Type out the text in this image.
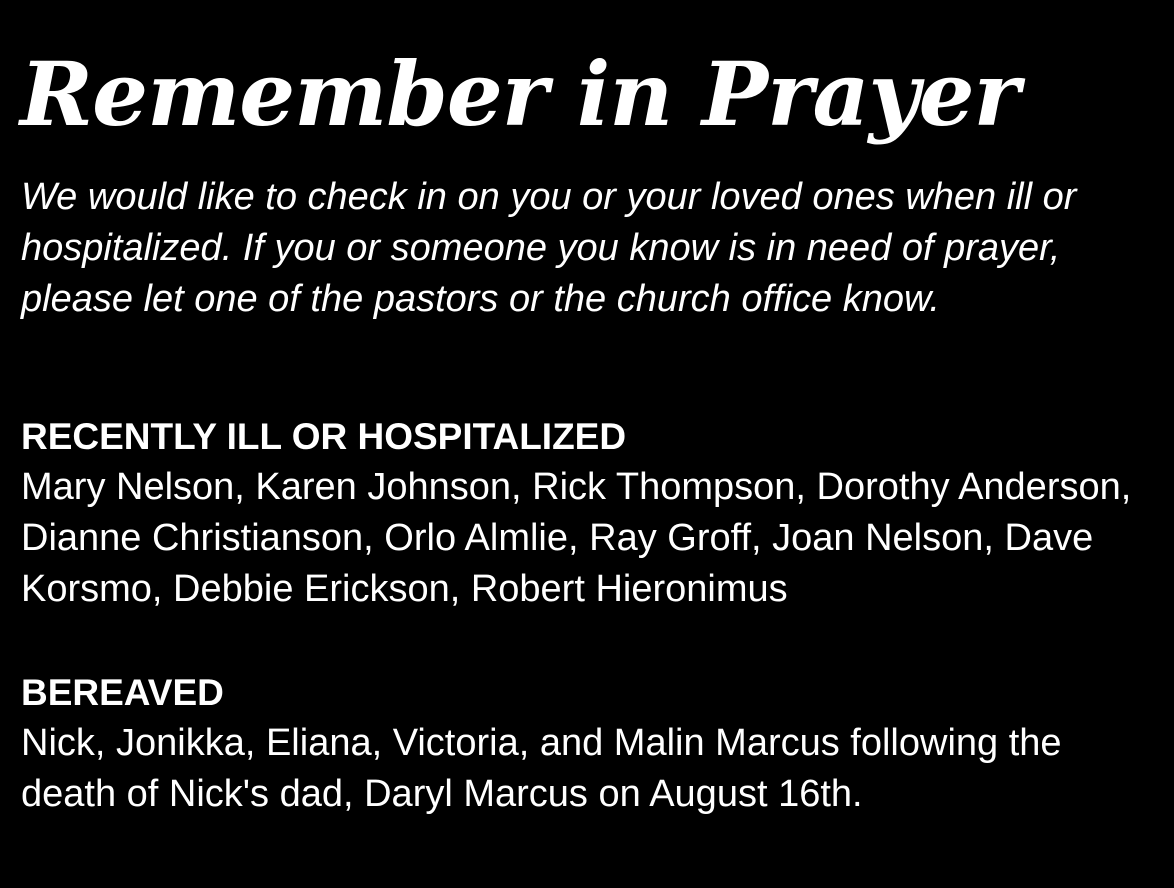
Remember in Prayer
We would like to check in on you or your loved ones when ill or hospitalized. If you or someone you know is in need of prayer, please let one of the pastors or the church office know.
RECENTLY ILL OR HOSPITALIZED
Mary Nelson, Karen Johnson, Rick Thompson, Dorothy Anderson, Dianne Christianson, Orlo Almlie, Ray Groff, Joan Nelson, Dave Korsmo, Debbie Erickson, Robert Hieronimus
BEREAVED
Nick, Jonikka, Eliana, Victoria, and Malin Marcus following the death of Nick's dad, Daryl Marcus on August 16th.
